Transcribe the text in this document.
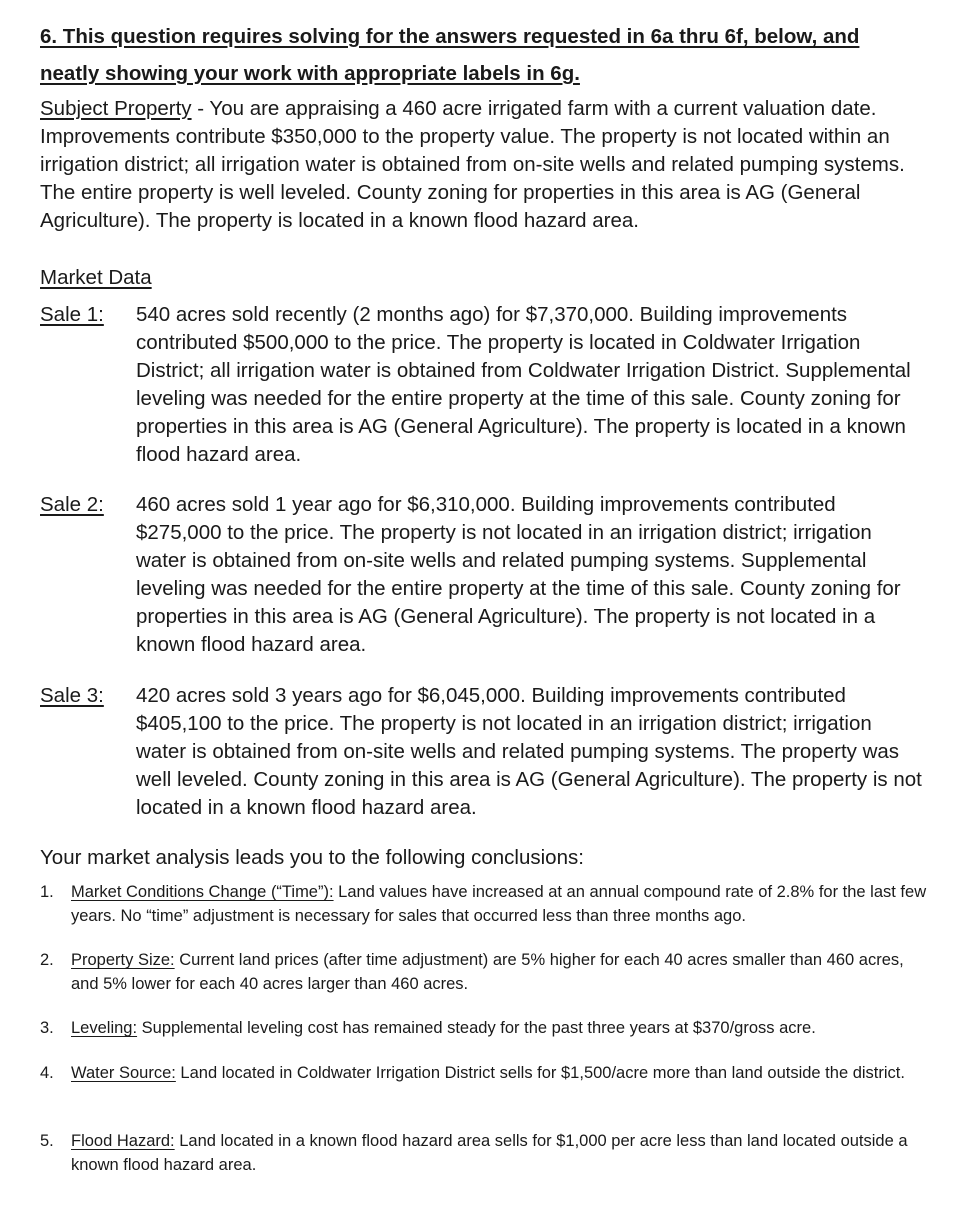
6. This question requires solving for the answers requested in 6a thru 6f, below, and
neatly showing your work with appropriate labels in 6g.
Subject Property - You are appraising a 460 acre irrigated farm with a current valuation date. Improvements contribute $350,000 to the property value. The property is not located within an irrigation district; all irrigation water is obtained from on-site wells and related pumping systems. The entire property is well leveled. County zoning for properties in this area is AG (General Agriculture). The property is located in a known flood hazard area.
Market Data
Sale 1: 540 acres sold recently (2 months ago) for $7,370,000. Building improvements contributed $500,000 to the price. The property is located in Coldwater Irrigation District; all irrigation water is obtained from Coldwater Irrigation District. Supplemental leveling was needed for the entire property at the time of this sale. County zoning for properties in this area is AG (General Agriculture). The property is located in a known flood hazard area.
Sale 2: 460 acres sold 1 year ago for $6,310,000. Building improvements contributed $275,000 to the price. The property is not located in an irrigation district; irrigation water is obtained from on-site wells and related pumping systems. Supplemental leveling was needed for the entire property at the time of this sale. County zoning for properties in this area is AG (General Agriculture). The property is not located in a known flood hazard area.
Sale 3: 420 acres sold 3 years ago for $6,045,000. Building improvements contributed $405,100 to the price. The property is not located in an irrigation district; irrigation water is obtained from on-site wells and related pumping systems. The property was well leveled. County zoning in this area is AG (General Agriculture). The property is not located in a known flood hazard area.
Your market analysis leads you to the following conclusions:
1. Market Conditions Change (“Time”): Land values have increased at an annual compound rate of 2.8% for the last few years. No “time” adjustment is necessary for sales that occurred less than three months ago.
2. Property Size: Current land prices (after time adjustment) are 5% higher for each 40 acres smaller than 460 acres, and 5% lower for each 40 acres larger than 460 acres.
3. Leveling: Supplemental leveling cost has remained steady for the past three years at $370/gross acre.
4. Water Source: Land located in Coldwater Irrigation District sells for $1,500/acre more than land outside the district.
5. Flood Hazard: Land located in a known flood hazard area sells for $1,000 per acre less than land located outside a known flood hazard area.
